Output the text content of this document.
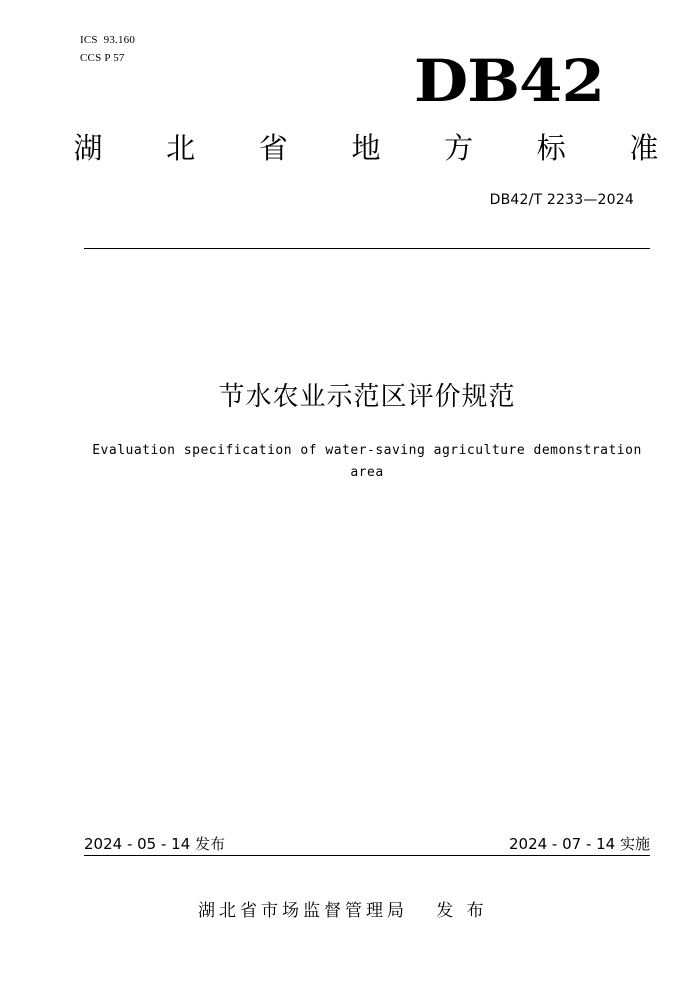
ICS  93.160
CCS P 57	DB42
湖 北 省 地 方 标 准
DB42/T 2233—2024
节水农业示范区评价规范
Evaluation specification of water-saving agriculture demonstration area
2024 - 05 - 14 发布	2024 - 07 - 14 实施
湖北省市场监督管理局   发 布
